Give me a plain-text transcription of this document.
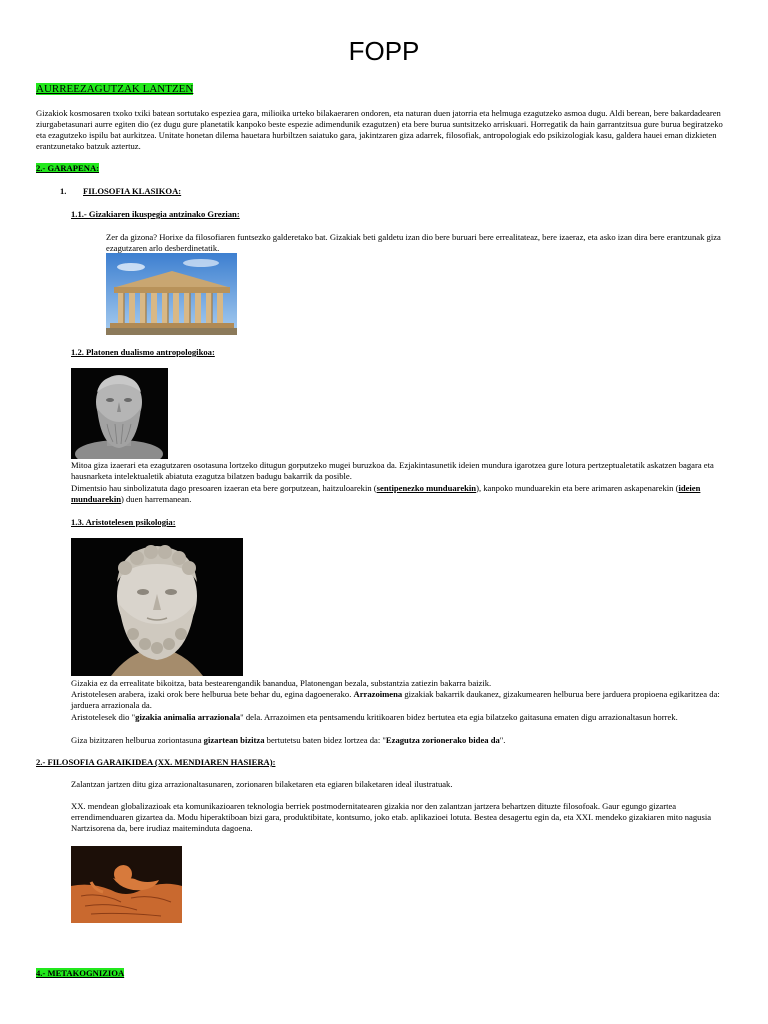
FOPP
AURREEZAGUTZAK LANTZEN

Gizakiok kosmosaren txoko txiki batean sortutako espeziea gara, milioika urteko bilakaeraren ondoren, eta naturan duen jatorria eta helmuga ezagutzeko asmoa dugu. Aldi berean, bere bakardadearen ziurgabetasunari aurre egiten dio (ez dugu gure planetatik kanpoko beste espezie adimendunik ezagutzen) eta bere burua suntsitzeko arriskuari. Horregatik da hain garrantzitsua gure burua begiratzeko eta ezagutzeko ispilu bat aurkitzea. Unitate honetan dilema hauetara hurbiltzen saiatuko gara, jakintzaren giza adarrek, filosofiak, antropologiak edo psikizologiak kasu, galdera hauei eman dizkieten erantzunetako batzuk aztertuz.

2.- GARAPENA:
1. FILOSOFIA KLASIKOA:
1.1.- Gizakiaren ikuspegia antzinako Grezian:

Zer da gizona? Horixe da filosofiaren funtsezko galderetako bat. Gizakiak beti galdetu izan dio bere buruari bere errealitateaz, bere izaeraz, eta asko izan dira bere erantzunak giza ezagutzaren arlo desberdinetatik.

1.2. Platonen dualismo antropologikoa:

Mitoa giza izaerari eta ezagutzaren osotasuna lortzeko ditugun gorputzeko mugei buruzkoa da. Ezjakintasunetik ideien mundura igarotzea gure lotura pertzeptualetatik askatzen bagara eta hausnarketa intelektualetik abiatuta ezagutza bilatzen badugu bakarrik da posible.

Dimentsio hau sinbolizatuta dago presoaren izaeran eta bere gorputzean, haitzuloarekin (sentipenezko munduarekin), kanpoko munduarekin eta bere arimaren askapenarekin (ideien munduarekin) duen harremanean.

1.3. Aristotelesen psikologia:
Gizakia ez da errealitate bikoitza, bata bestearengandik banandua, Platonengan bezala, substantzia zatiezin bakarra baizik.

Aristotelesen arabera, izaki orok bere helburua bete behar du, egina dagoenerako. Arrazoimena gizakiak bakarrik daukanez, gizakumearen helburua bere jarduera propioena egikaritzea da: jarduera arrazionala da.

Aristotelesek dio "gizakia animalia arrazionala" dela. Arrazoimen eta pentsamendu kritikoaren bidez bertutea eta egia bilatzeko gaitasuna ematen digu arrazionaltasun horrek.

Giza bizitzaren helburua zoriontasuna gizartean bizitza bertutetsu baten bidez lortzea da: "Ezagutza zorionerako bidea da".

2.- FILOSOFIA GARAIKIDEA (XX. MENDIAREN HASIERA):

Zalantzan jartzen ditu giza arrazionaltasunaren, zorionaren bilaketaren eta egiaren bilaketaren ideal ilustratuak.

XX. mendean globalizazioak eta komunikazioaren teknologia berriek postmodernitatearen gizakia nor den zalantzan jartzera behartzen dituzte filosofoak. Gaur egungo gizartea errendimenduaren gizartea da. Modu hiperaktiboan bizi gara, produktibitate, kontsumo, joko etab. aplikazioei lotuta. Bestea desagertu egin da, eta XXI. mendeko gizakiaren mito nagusia Nartzisorena da, bere irudiaz maiteminduta dagoena.

4.- METAKOGNIZIOA
